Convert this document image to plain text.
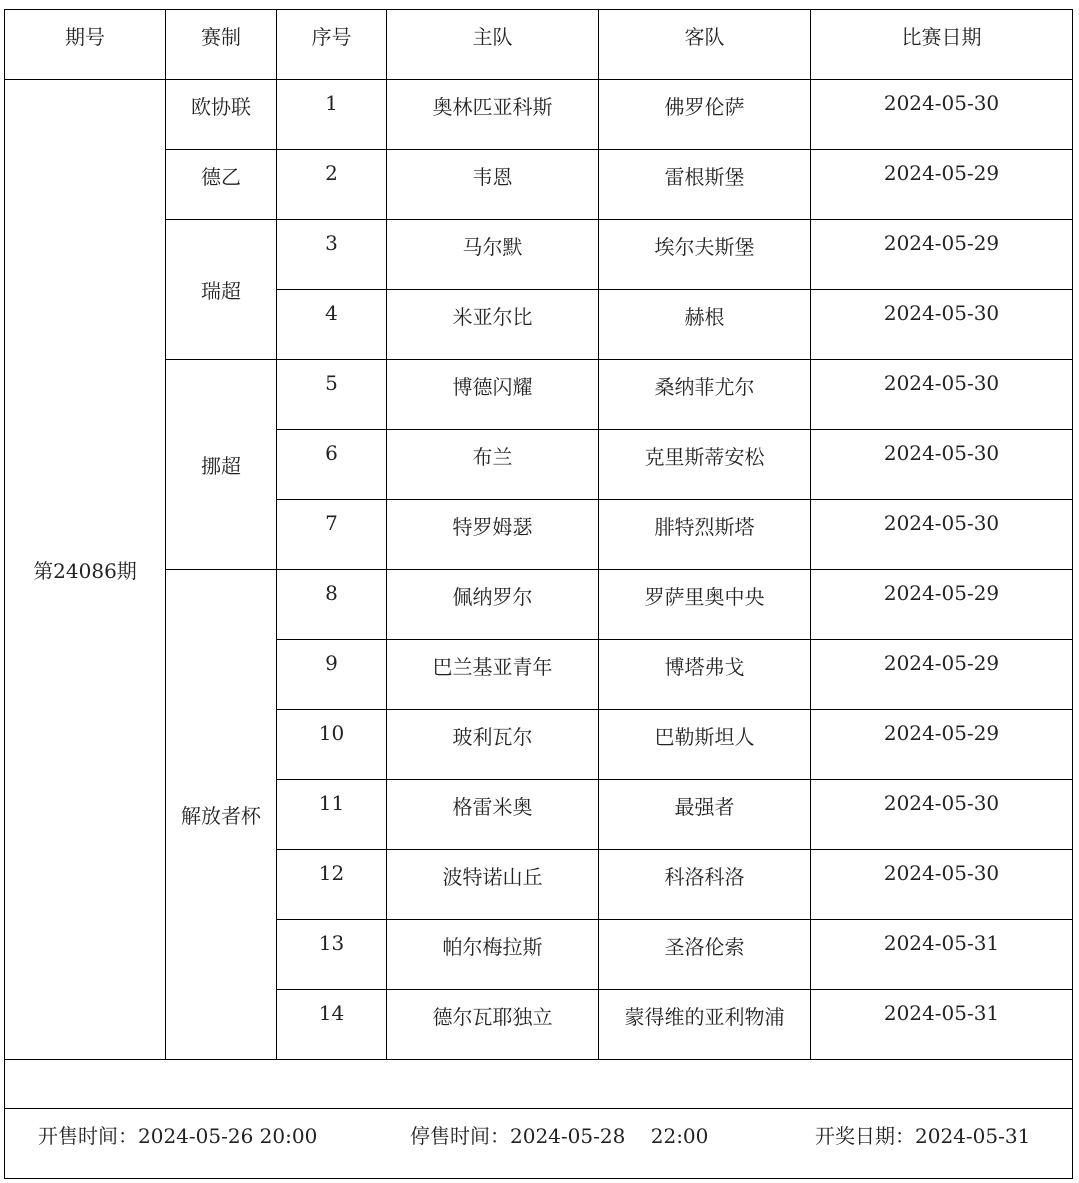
期号	赛制	序号	主队	客队	比赛日期
第24086期	欧协联	1	奥林匹亚科斯	佛罗伦萨	2024-05-30
	德乙	2	韦恩	雷根斯堡	2024-05-29
	瑞超	3	马尔默	埃尔夫斯堡	2024-05-29
		4	米亚尔比	赫根	2024-05-30
	挪超	5	博德闪耀	桑纳菲尤尔	2024-05-30
		6	布兰	克里斯蒂安松	2024-05-30
		7	特罗姆瑟	腓特烈斯塔	2024-05-30
	解放者杯	8	佩纳罗尔	罗萨里奥中央	2024-05-29
		9	巴兰基亚青年	博塔弗戈	2024-05-29
		10	玻利瓦尔	巴勒斯坦人	2024-05-29
		11	格雷米奥	最强者	2024-05-30
		12	波特诺山丘	科洛科洛	2024-05-30
		13	帕尔梅拉斯	圣洛伦索	2024-05-31
		14	德尔瓦耶独立	蒙得维的亚利物浦	2024-05-31

开售时间：2024-05-26 20:00 停售时间：2024-05-28    22:00 开奖日期：2024-05-31					
